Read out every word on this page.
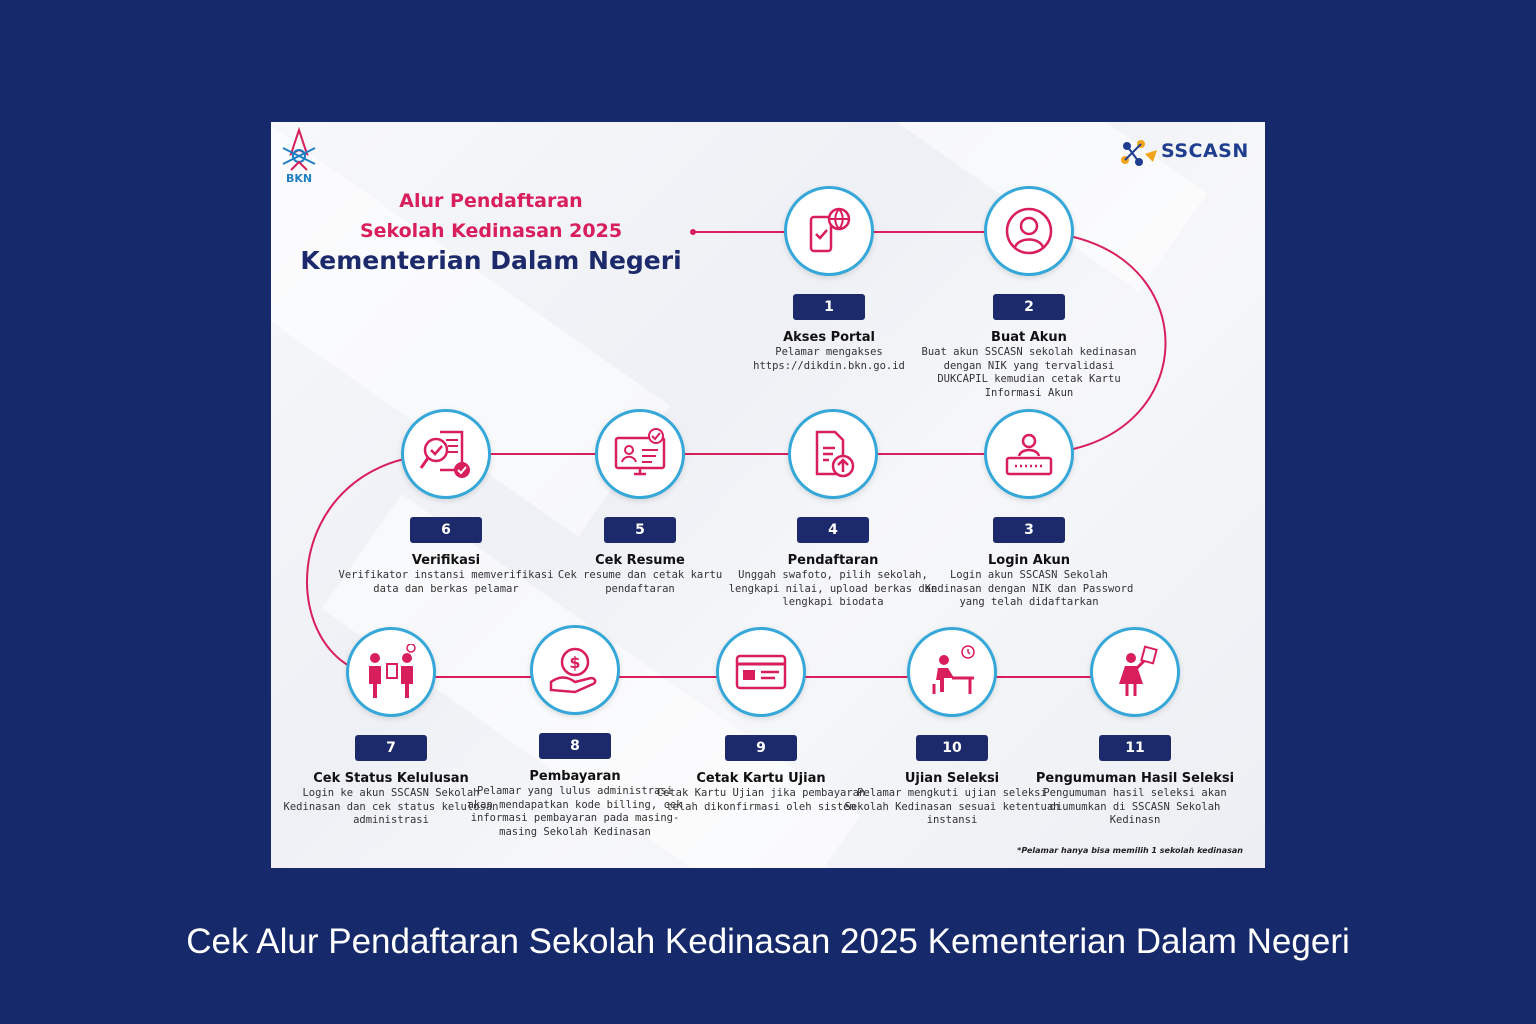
BKN
SSCASN
Alur Pendaftaran
Sekolah Kedinasan 2025
Kementerian Dalam Negeri
1
Akses Portal
Pelamar mengakses https://dikdin.bkn.go.id
2
Buat Akun
Buat akun SSCASN sekolah kedinasan dengan NIK yang tervalidasi DUKCAPIL kemudian cetak Kartu Informasi Akun
3
Login Akun
Login akun SSCASN Sekolah Kedinasan dengan NIK dan Password yang telah didaftarkan
4
Pendaftaran
Unggah swafoto, pilih sekolah, lengkapi nilai, upload berkas dan lengkapi biodata
5
Cek Resume
Cek resume dan cetak kartu pendaftaran
6
Verifikasi
Verifikator instansi memverifikasi data dan berkas pelamar
7
Cek Status Kelulusan
Login ke akun SSCASN Sekolah Kedinasan dan cek status kelulusan administrasi
$
8
Pembayaran
Pelamar yang lulus administrasi akan mendapatkan kode billing, cek informasi pembayaran pada masing-masing Sekolah Kedinasan
9
Cetak Kartu Ujian
Cetak Kartu Ujian jika pembayaran telah dikonfirmasi oleh sistem
10
Ujian Seleksi
Pelamar mengkuti ujian seleksi Sekolah Kedinasan sesuai ketentuan instansi
11
Pengumuman Hasil Seleksi
Pengumuman hasil seleksi akan diumumkan di SSCASN Sekolah Kedinasn
*Pelamar hanya bisa memilih 1 sekolah kedinasan
Cek Alur Pendaftaran Sekolah Kedinasan 2025 Kementerian Dalam Negeri
